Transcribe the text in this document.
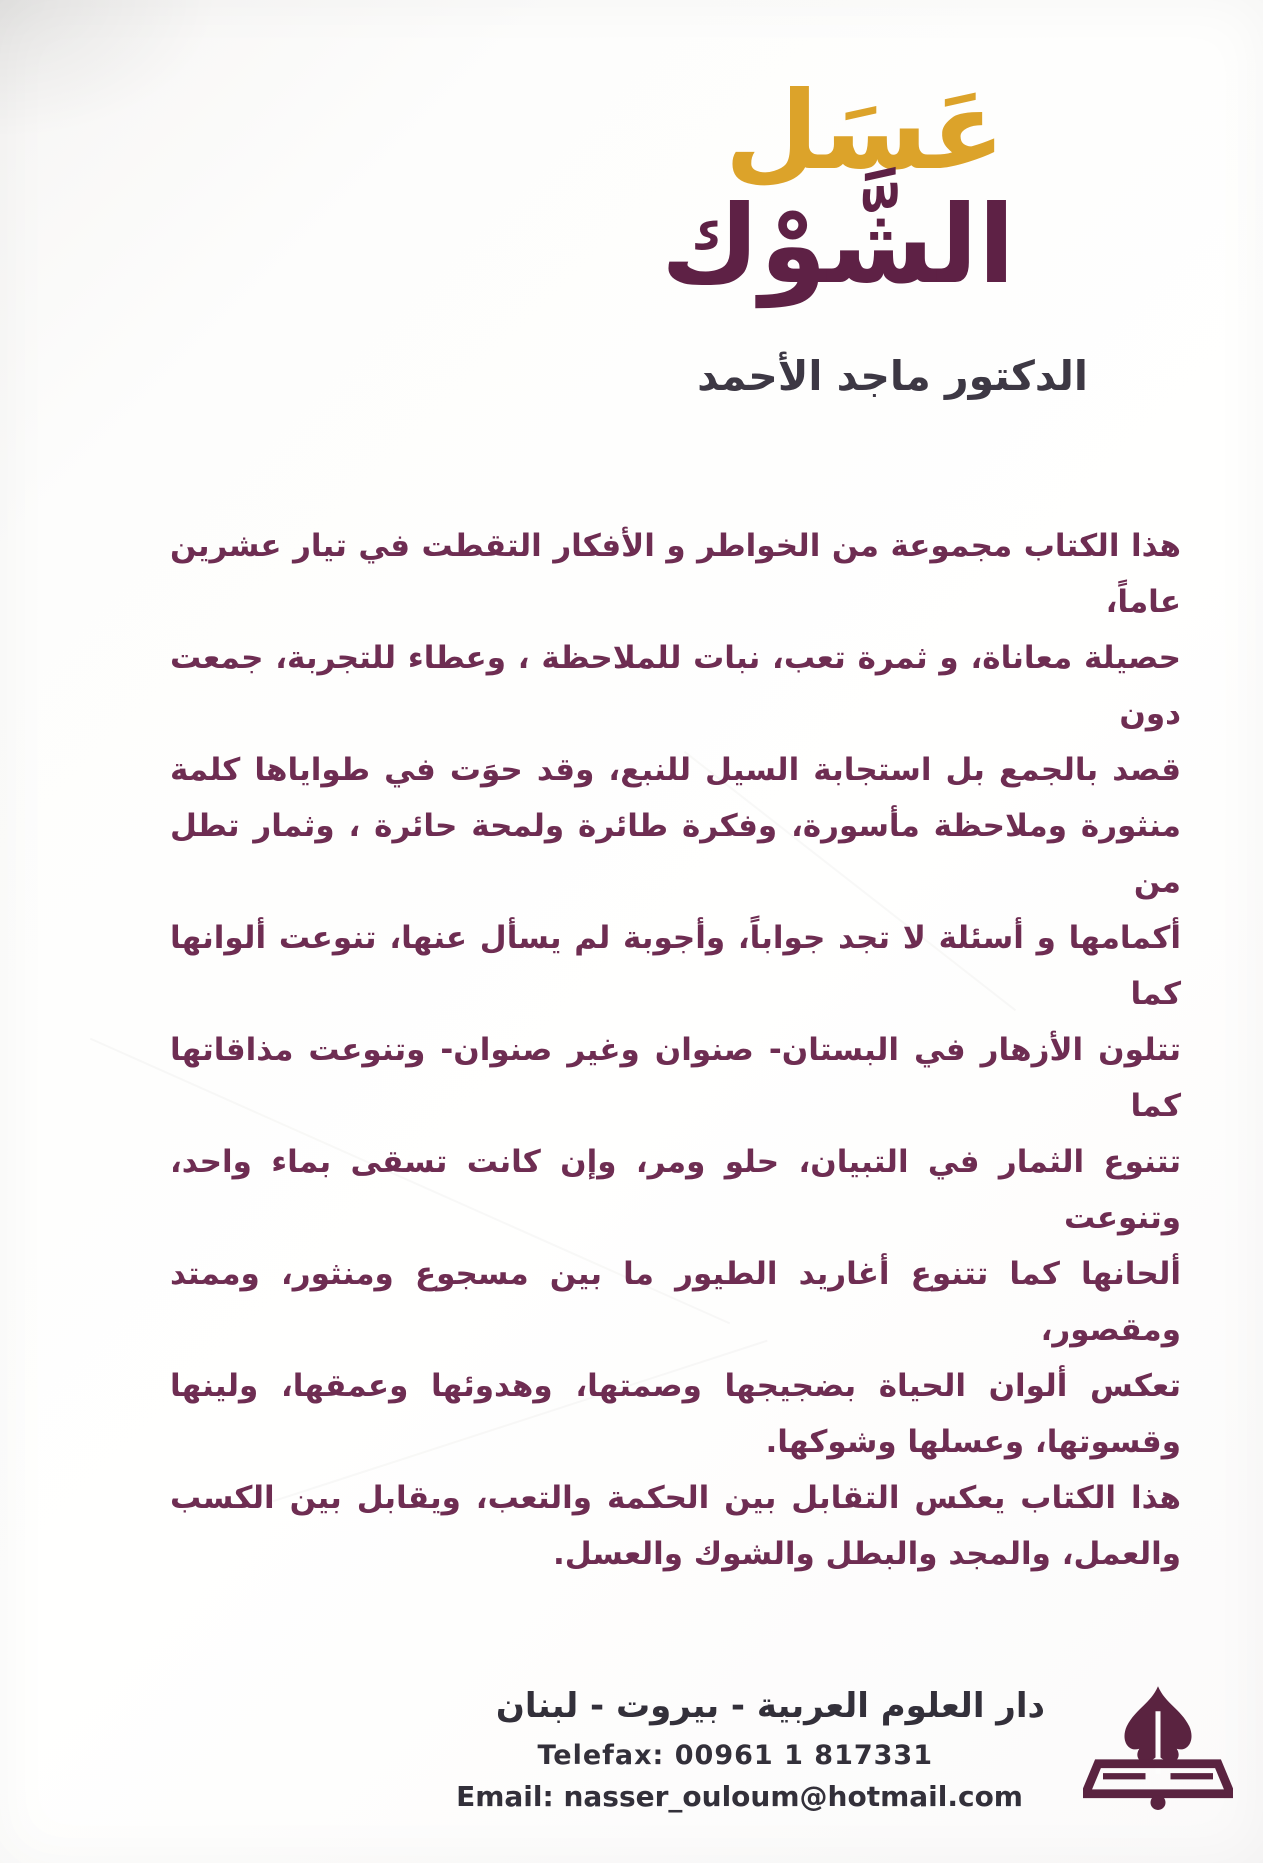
عَسَل
الشَّوْك
الدكتور ماجد الأحمد
هذا الكتاب مجموعة من الخواطر و الأفكار التقطت في تيار عشرين عاماً،
حصيلة معاناة، و ثمرة تعب، نبات للملاحظة ، وعطاء للتجربة، جمعت دون
قصد بالجمع بل استجابة السيل للنبع، وقد حوَت في طواياها كلمة
منثورة وملاحظة مأسورة، وفكرة طائرة ولمحة حائرة ، وثمار تطل من
أكمامها و أسئلة لا تجد جواباً، وأجوبة لم يسأل عنها، تنوعت ألوانها كما
تتلون الأزهار في البستان- صنوان وغير صنوان- وتنوعت مذاقاتها كما
تتنوع الثمار في التبيان، حلو ومر، وإن كانت تسقى بماء واحد، وتنوعت
ألحانها كما تتنوع أغاريد الطيور ما بين مسجوع ومنثور، وممتد ومقصور،
تعكس ألوان الحياة بضجيجها وصمتها، وهدوئها وعمقها، ولينها
وقسوتها، وعسلها وشوكها.
هذا الكتاب يعكس التقابل بين الحكمة والتعب، ويقابل بين الكسب
والعمل، والمجد والبطل والشوك والعسل.
دار العلوم العربية - بيروت - لبنان
Telefax: 00961 1 817331
Email: nasser_ouloum@hotmail.com
